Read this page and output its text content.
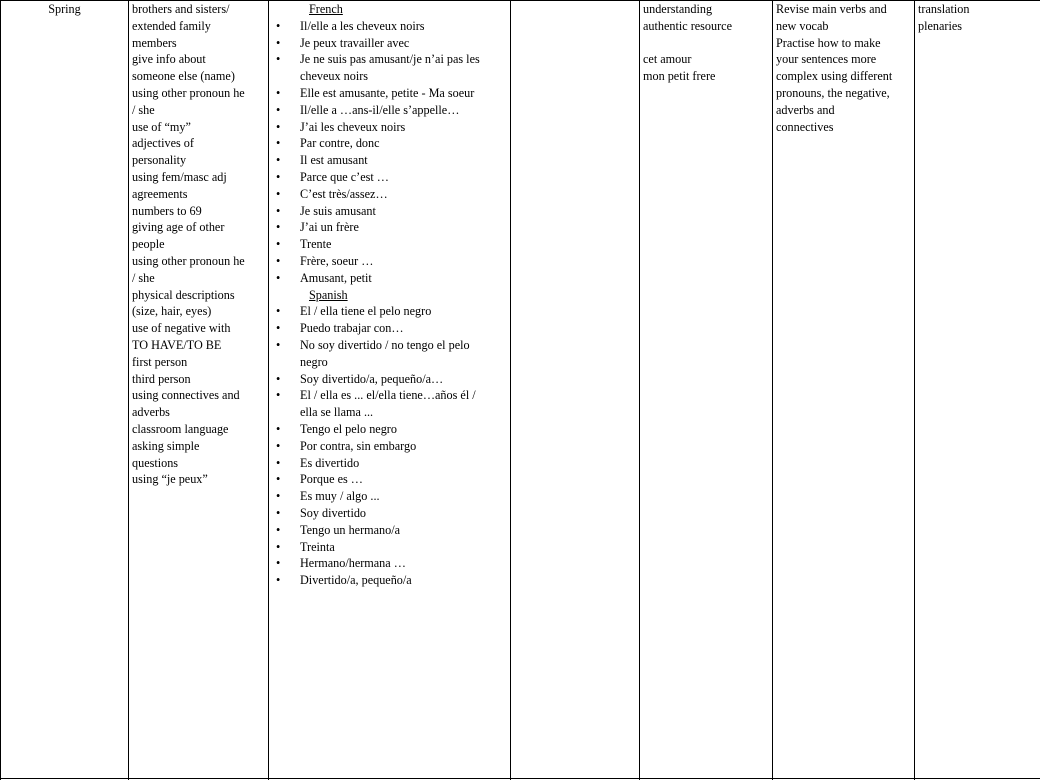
Spring	brothers and sisters/
extended family
members
give info about
someone else (name)
using other pronoun he
/ she
use of “my”
adjectives of
personality
using fem/masc adj
agreements
numbers to 69
giving age of other
people
using other pronoun he
/ she
physical descriptions
(size, hair, eyes)
use of negative with
TO HAVE/TO BE
first person
third person
using connectives and
adverbs
classroom language
asking simple
questions
using “je peux”
French
• Il/elle a les cheveux noirs
• Je peux travailler avec
• Je ne suis pas amusant/je n’ai pas les
cheveux noirs
• Elle est amusante, petite - Ma soeur
• Il/elle a …ans-il/elle s’appelle…
• J’ai les cheveux noirs
• Par contre, donc
• Il est amusant
• Parce que c’est …
• C’est très/assez…
• Je suis amusant
• J’ai un frère
• Trente
• Frère, soeur …
• Amusant, petit
Spanish
• El / ella tiene el pelo negro
• Puedo trabajar con…
• No soy divertido / no tengo el pelo
negro
• Soy divertido/a, pequeño/a…
• El / ella es ... el/ella tiene…años él /
ella se llama ...
• Tengo el pelo negro
• Por contra, sin embargo
• Es divertido
• Porque es …
• Es muy / algo ...
• Soy divertido
• Tengo un hermano/a
• Treinta
• Hermano/hermana …
• Divertido/a, pequeño/a
understanding
authentic resource

cet amour
mon petit frere
Revise main verbs and
new vocab
Practise how to make
your sentences more
complex using different
pronouns, the negative,
adverbs and
connectives
translation
plenaries
